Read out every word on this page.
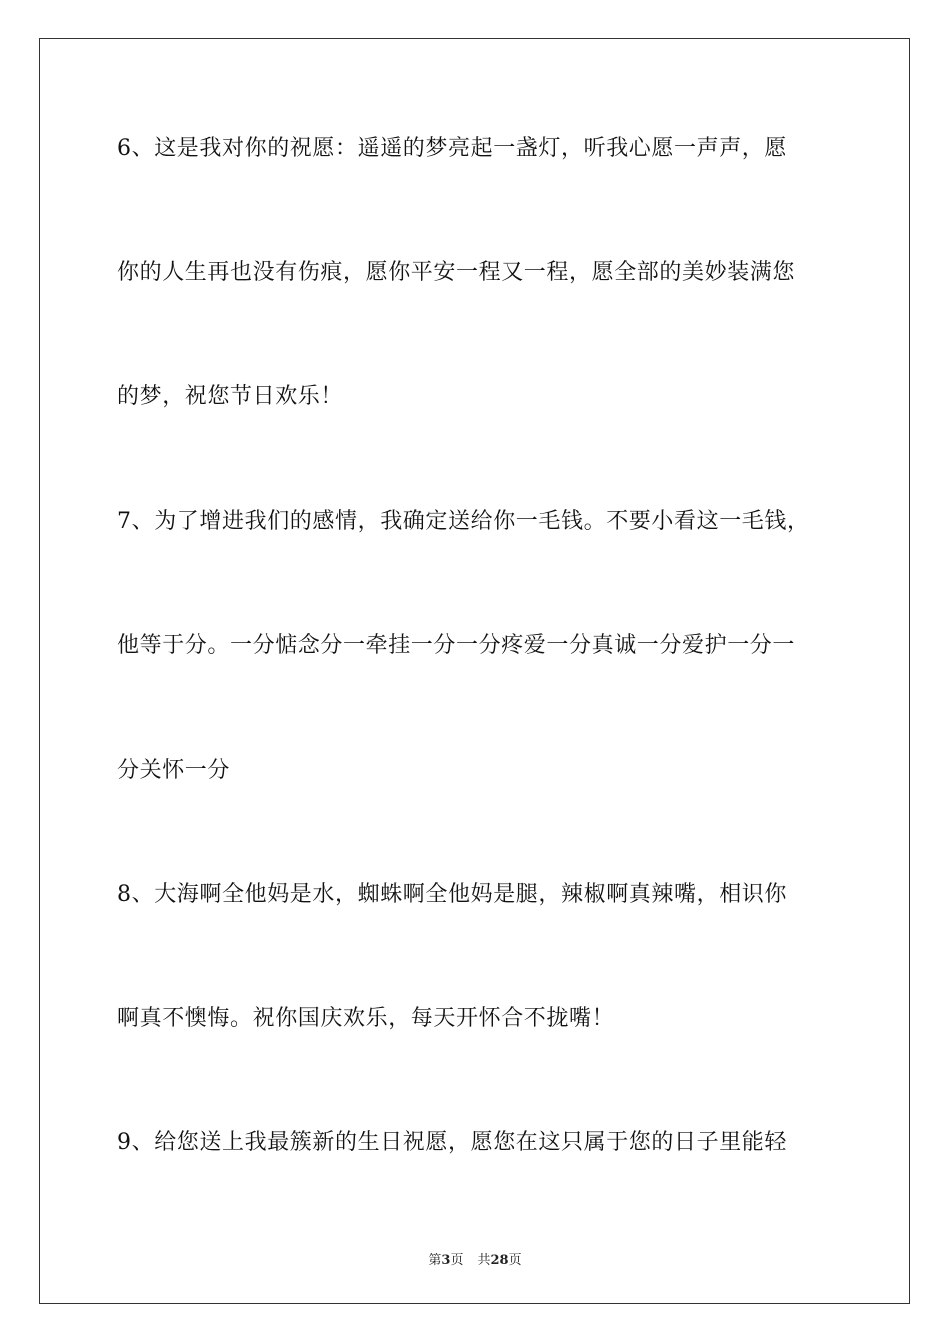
6、这是我对你的祝愿：遥遥的梦亮起一盏灯，听我心愿一声声，愿
你的人生再也没有伤痕，愿你平安一程又一程，愿全部的美妙装满您
的梦，祝您节日欢乐！
7、为了增进我们的感情，我确定送给你一毛钱。不要小看这一毛钱，
他等于分。一分惦念分一牵挂一分一分疼爱一分真诚一分爱护一分一
分关怀一分
8、大海啊全他妈是水，蜘蛛啊全他妈是腿，辣椒啊真辣嘴，相识你
啊真不懊悔。祝你国庆欢乐，每天开怀合不拢嘴！
9、给您送上我最簇新的生日祝愿，愿您在这只属于您的日子里能轻
第3页 共28页
